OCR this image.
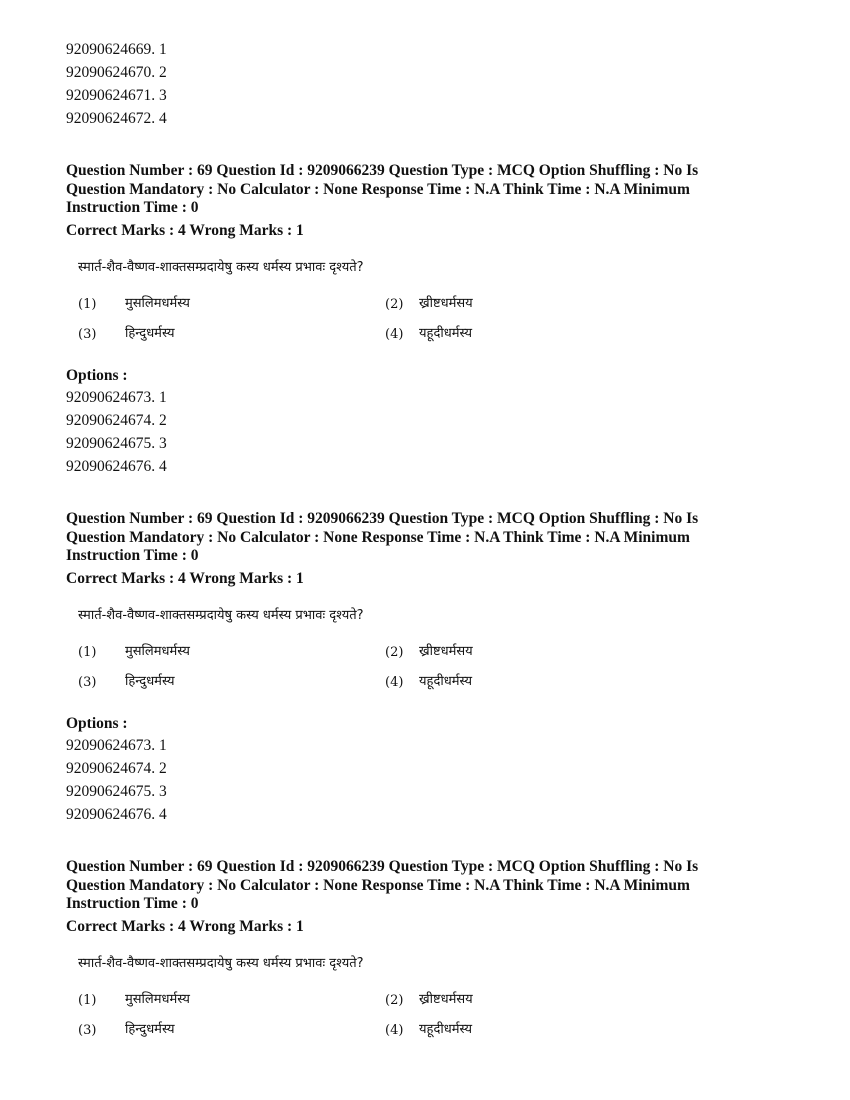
92090624669. 1
92090624670. 2
92090624671. 3
92090624672. 4
Question Number : 69 Question Id : 9209066239 Question Type : MCQ Option Shuffling : No Is Question Mandatory : No Calculator : None Response Time : N.A Think Time : N.A Minimum Instruction Time : 0
Correct Marks : 4 Wrong Marks : 1
स्मार्त-शैव-वैष्णव-शाक्तसम्प्रदायेषु कस्य धर्मस्य प्रभावः दृश्यते?
(1) मुसलिमधर्मस्य	(2) ख्रीष्टधर्मसय
(3) हिन्दुधर्मस्य	(4) यहूदीधर्मस्य
Options :
92090624673. 1
92090624674. 2
92090624675. 3
92090624676. 4
Question Number : 69 Question Id : 9209066239 Question Type : MCQ Option Shuffling : No Is Question Mandatory : No Calculator : None Response Time : N.A Think Time : N.A Minimum Instruction Time : 0
Correct Marks : 4 Wrong Marks : 1
स्मार्त-शैव-वैष्णव-शाक्तसम्प्रदायेषु कस्य धर्मस्य प्रभावः दृश्यते?
(1) मुसलिमधर्मस्य	(2) ख्रीष्टधर्मसय
(3) हिन्दुधर्मस्य	(4) यहूदीधर्मस्य
Options :
92090624673. 1
92090624674. 2
92090624675. 3
92090624676. 4
Question Number : 69 Question Id : 9209066239 Question Type : MCQ Option Shuffling : No Is Question Mandatory : No Calculator : None Response Time : N.A Think Time : N.A Minimum Instruction Time : 0
Correct Marks : 4 Wrong Marks : 1
स्मार्त-शैव-वैष्णव-शाक्तसम्प्रदायेषु कस्य धर्मस्य प्रभावः दृश्यते?
(1) मुसलिमधर्मस्य	(2) ख्रीष्टधर्मसय
(3) हिन्दुधर्मस्य	(4) यहूदीधर्मस्य
